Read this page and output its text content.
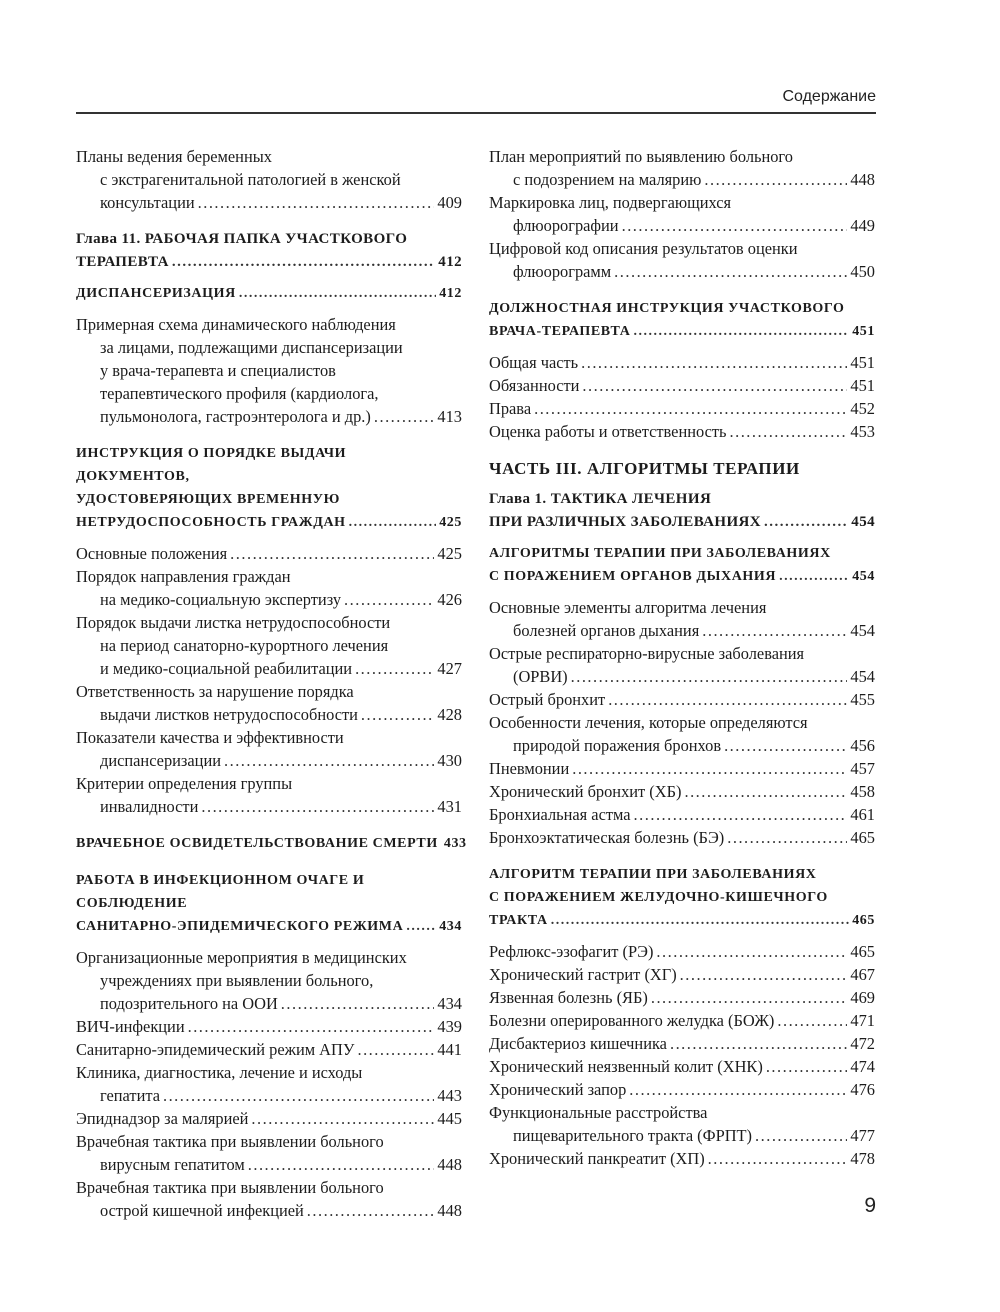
Содержание
Планы ведения беременных
с экстрагенитальной патологией в женской
консультации .....	409
Глава 11. РАБОЧАЯ ПАПКА УЧАСТКОВОГО
ТЕРАПЕВТА .....	412
ДИСПАНСЕРИЗАЦИЯ .....	412
Примерная схема динамического наблюдения
за лицами, подлежащими диспансеризации
у врача-терапевта и специалистов
терапевтического профиля (кардиолога,
пульмонолога, гастроэнтеролога и др.) .....	413
ИНСТРУКЦИЯ О ПОРЯДКЕ ВЫДАЧИ ДОКУМЕНТОВ,
УДОСТОВЕРЯЮЩИХ ВРЕМЕННУЮ
НЕТРУДОСПОСОБНОСТЬ ГРАЖДАН .....	425
Основные положения .....	425
Порядок направления граждан
на медико-социальную экспертизу .....	426
Порядок выдачи листка нетрудоспособности
на период санаторно-курортного лечения
и медико-социальной реабилитации .....	427
Ответственность за нарушение порядка
выдачи листков нетрудоспособности .....	428
Показатели качества и эффективности
диспансеризации .....	430
Критерии определения группы
инвалидности .....	431
ВРАЧЕБНОЕ ОСВИДЕТЕЛЬСТВОВАНИЕ СМЕРТИ 433
РАБОТА В ИНФЕКЦИОННОМ ОЧАГЕ И СОБЛЮДЕНИЕ
САНИТАРНО-ЭПИДЕМИЧЕСКОГО РЕЖИМА .....	434
Организационные мероприятия в медицинских
учреждениях при выявлении больного,
подозрительного на ООИ .....	434
ВИЧ-инфекции .....	439
Санитарно-эпидемический режим АПУ .....	441
Клиника, диагностика, лечение и исходы
гепатита .....	443
Эпиднадзор за малярией .....	445
Врачебная тактика при выявлении больного
вирусным гепатитом .....	448
Врачебная тактика при выявлении больного
острой кишечной инфекцией .....	448
План мероприятий по выявлению больного
с подозрением на малярию .....	448
Маркировка лиц, подвергающихся
флюорографии .....	449
Цифровой код описания результатов оценки
флюорограмм .....	450
ДОЛЖНОСТНАЯ ИНСТРУКЦИЯ УЧАСТКОВОГО
ВРАЧА-ТЕРАПЕВТА .....	451
Общая часть .....	451
Обязанности .....	451
Права .....	452
Оценка работы и ответственность .....	453
ЧАСТЬ III. АЛГОРИТМЫ ТЕРАПИИ
Глава 1. ТАКТИКА ЛЕЧЕНИЯ
ПРИ РАЗЛИЧНЫХ ЗАБОЛЕВАНИЯХ .....	454
АЛГОРИТМЫ ТЕРАПИИ ПРИ ЗАБОЛЕВАНИЯХ
С ПОРАЖЕНИЕМ ОРГАНОВ ДЫХАНИЯ .....	454
Основные элементы алгоритма лечения
болезней органов дыхания .....	454
Острые респираторно-вирусные заболевания
(ОРВИ) .....	454
Острый бронхит .....	455
Особенности лечения, которые определяются
природой поражения бронхов .....	456
Пневмонии .....	457
Хронический бронхит (ХБ) .....	458
Бронхиальная астма .....	461
Бронхоэктатическая болезнь (БЭ) .....	465
АЛГОРИТМ ТЕРАПИИ ПРИ ЗАБОЛЕВАНИЯХ
С ПОРАЖЕНИЕМ ЖЕЛУДОЧНО-КИШЕЧНОГО
ТРАКТА .....	465
Рефлюкс-эзофагит (РЭ) .....	465
Хронический гастрит (ХГ) .....	467
Язвенная болезнь (ЯБ) .....	469
Болезни оперированного желудка (БОЖ) .....	471
Дисбактериоз кишечника .....	472
Хронический неязвенный колит (ХНК) .....	474
Хронический запор .....	476
Функциональные расстройства
пищеварительного тракта (ФРПТ) .....	477
Хронический панкреатит (ХП) .....	478
9
